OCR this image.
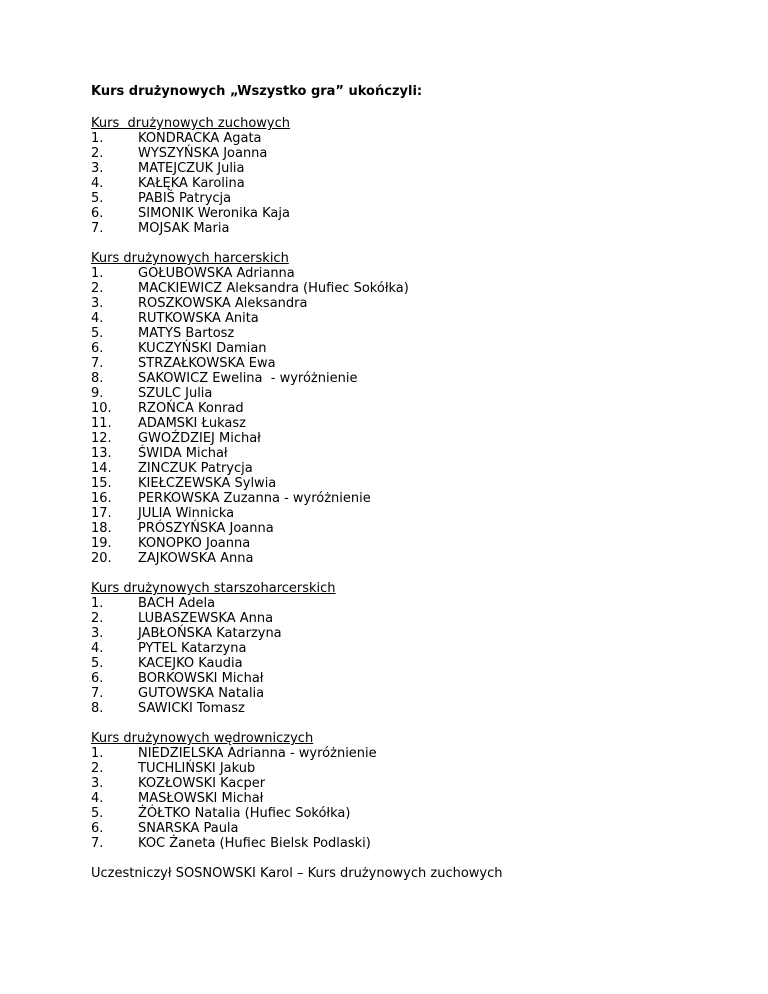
Kurs drużynowych „Wszystko gra” ukończyli:
Kurs  drużynowych zuchowych
1.	KONDRACKA Agata
2.	WYSZYŃSKA Joanna
3.	MATEJCZUK Julia
4.	KAŁĘKA Karolina
5.	PABIŚ Patrycja
6.	SIMONIK Weronika Kaja
7.	MOJSAK Maria
Kurs drużynowych harcerskich
1.	GOŁUBOWSKA Adrianna
2.	MACKIEWICZ Aleksandra (Hufiec Sokółka)
3.	ROSZKOWSKA Aleksandra
4.	RUTKOWSKA Anita
5.	MATYS Bartosz
6.	KUCZYŃSKI Damian
7.	STRZAŁKOWSKA Ewa
8.	SAKOWICZ Ewelina  - wyróżnienie
9.	SZULC Julia
10.	RZOŃCA Konrad
11.	ADAMSKI Łukasz
12.	GWOŹDZIEJ Michał
13.	ŚWIDA Michał
14.	ZINCZUK Patrycja
15.	KIEŁCZEWSKA Sylwia
16.	PERKOWSKA Zuzanna - wyróżnienie
17.	JULIA Winnicka
18.	PRÓSZYŃSKA Joanna
19.	KONOPKO Joanna
20.	ZAJKOWSKA Anna
Kurs drużynowych starszoharcerskich
1.	BACH Adela
2.	LUBASZEWSKA Anna
3.	JABŁOŃSKA Katarzyna
4.	PYTEL Katarzyna
5.	KACEJKO Kaudia
6.	BORKOWSKI Michał
7.	GUTOWSKA Natalia
8.	SAWICKI Tomasz
Kurs drużynowych wędrowniczych
1.	NIEDZIELSKA Adrianna - wyróżnienie
2.	TUCHLIŃSKI Jakub
3.	KOZŁOWSKI Kacper
4.	MASŁOWSKI Michał
5.	ŻÓŁTKO Natalia (Hufiec Sokółka)
6.	SNARSKA Paula
7.	KOC Żaneta (Hufiec Bielsk Podlaski)
Uczestniczył SOSNOWSKI Karol – Kurs drużynowych zuchowych
